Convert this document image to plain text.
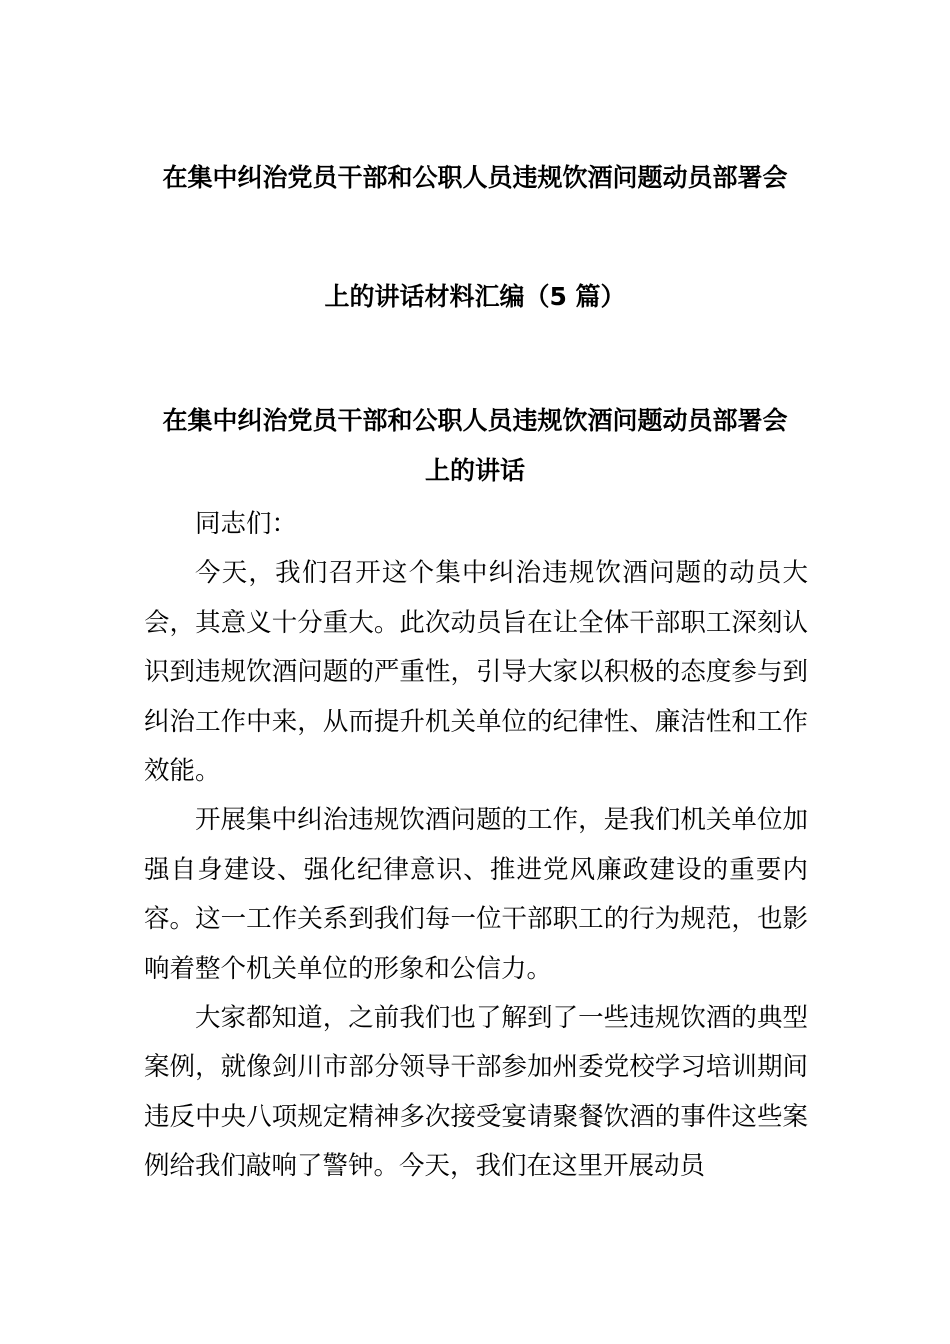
在集中纠治党员干部和公职人员违规饮酒问题动员部署会
上的讲话材料汇编（5 篇）
在集中纠治党员干部和公职人员违规饮酒问题动员部署会
上的讲话

同志们：

今天，我们召开这个集中纠治违规饮酒问题的动员大会，其意义十分重大。此次动员旨在让全体干部职工深刻认识到违规饮酒问题的严重性，引导大家以积极的态度参与到纠治工作中来，从而提升机关单位的纪律性、廉洁性和工作效能。

开展集中纠治违规饮酒问题的工作，是我们机关单位加强自身建设、强化纪律意识、推进党风廉政建设的重要内容。这一工作关系到我们每一位干部职工的行为规范，也影响着整个机关单位的形象和公信力。

大家都知道，之前我们也了解到了一些违规饮酒的典型案例，就像剑川市部分领导干部参加州委党校学习培训期间违反中央八项规定精神多次接受宴请聚餐饮酒的事件这些案例给我们敲响了警钟。今天，我们在这里开展动员
